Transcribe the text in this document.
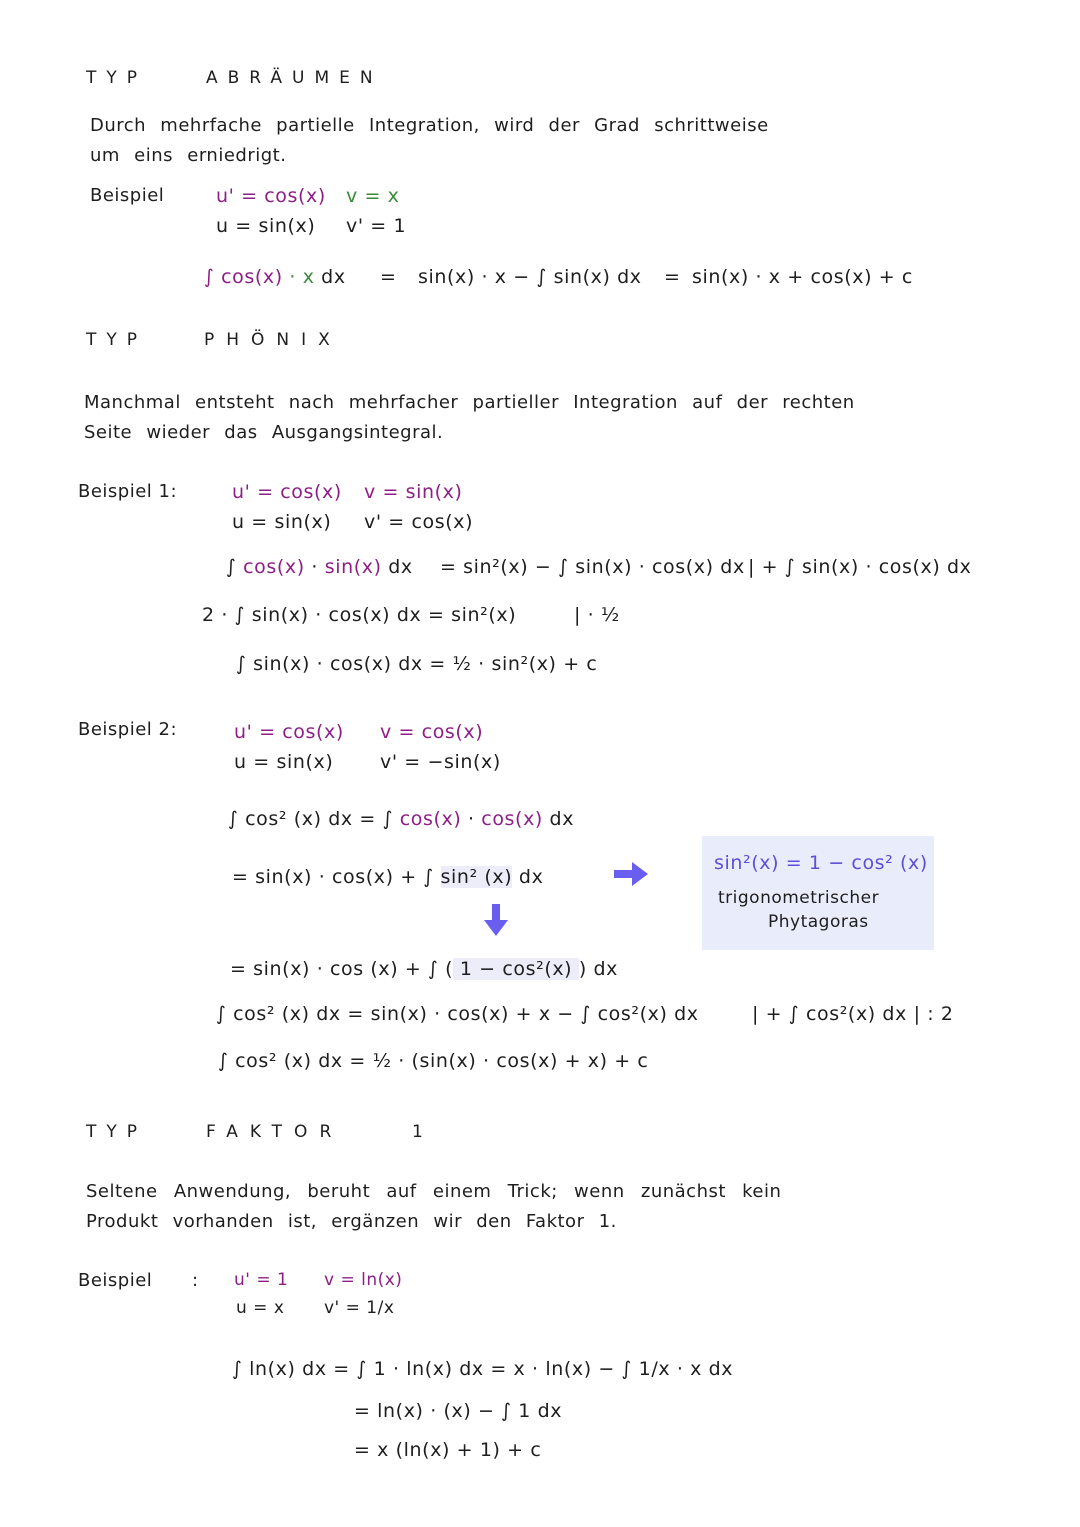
TYP	ABRÄUMEN
Durch mehrfache partielle Integration, wird der Grad schrittweise
um eins erniedrigt.
Beispiel	u' = cos(x) v = x
u = sin(x) v' = 1
∫ cos(x) · x dx = sin(x) · x − ∫ sin(x) dx = sin(x) · x + cos(x) + c
TYP	PHÖNIX
Manchmal entsteht nach mehrfacher partieller Integration auf der rechten
Seite wieder das Ausgangsintegral.
Beispiel 1:	u' = cos(x) v = sin(x)
u = sin(x) v' = cos(x)
∫ cos(x) · sin(x) dx = sin²(x) − ∫ sin(x) · cos(x) dx | + ∫ sin(x) · cos(x) dx
2 · ∫ sin(x) · cos(x) dx = sin²(x)	| · ½
∫ sin(x) · cos(x) dx = ½ · sin²(x) + c
Beispiel 2:	u' = cos(x) v = cos(x)
u = sin(x) v' = −sin(x)
∫ cos² (x) dx = ∫ cos(x) · cos(x) dx
= sin(x) · cos(x) + ∫ sin² (x) dx
sin²(x) = 1 − cos² (x)
trigonometrischer
Phytagoras
= sin(x) · cos (x) + ∫ ( 1 − cos²(x) ) dx
∫ cos² (x) dx = sin(x) · cos(x) + x − ∫ cos²(x) dx	| + ∫ cos²(x) dx | : 2
∫ cos² (x) dx = ½ · (sin(x) · cos(x) + x) + c
TYP	FAKTOR	1
Seltene Anwendung, beruht auf einem Trick; wenn zunächst kein
Produkt vorhanden ist, ergänzen wir den Faktor 1.
Beispiel : u' = 1 v = ln(x)
u = x v' = 1/x
∫ ln(x) dx = ∫ 1 · ln(x) dx = x · ln(x) − ∫ 1/x · x dx
= ln(x) · (x) − ∫ 1 dx
= x (ln(x) + 1) + c
